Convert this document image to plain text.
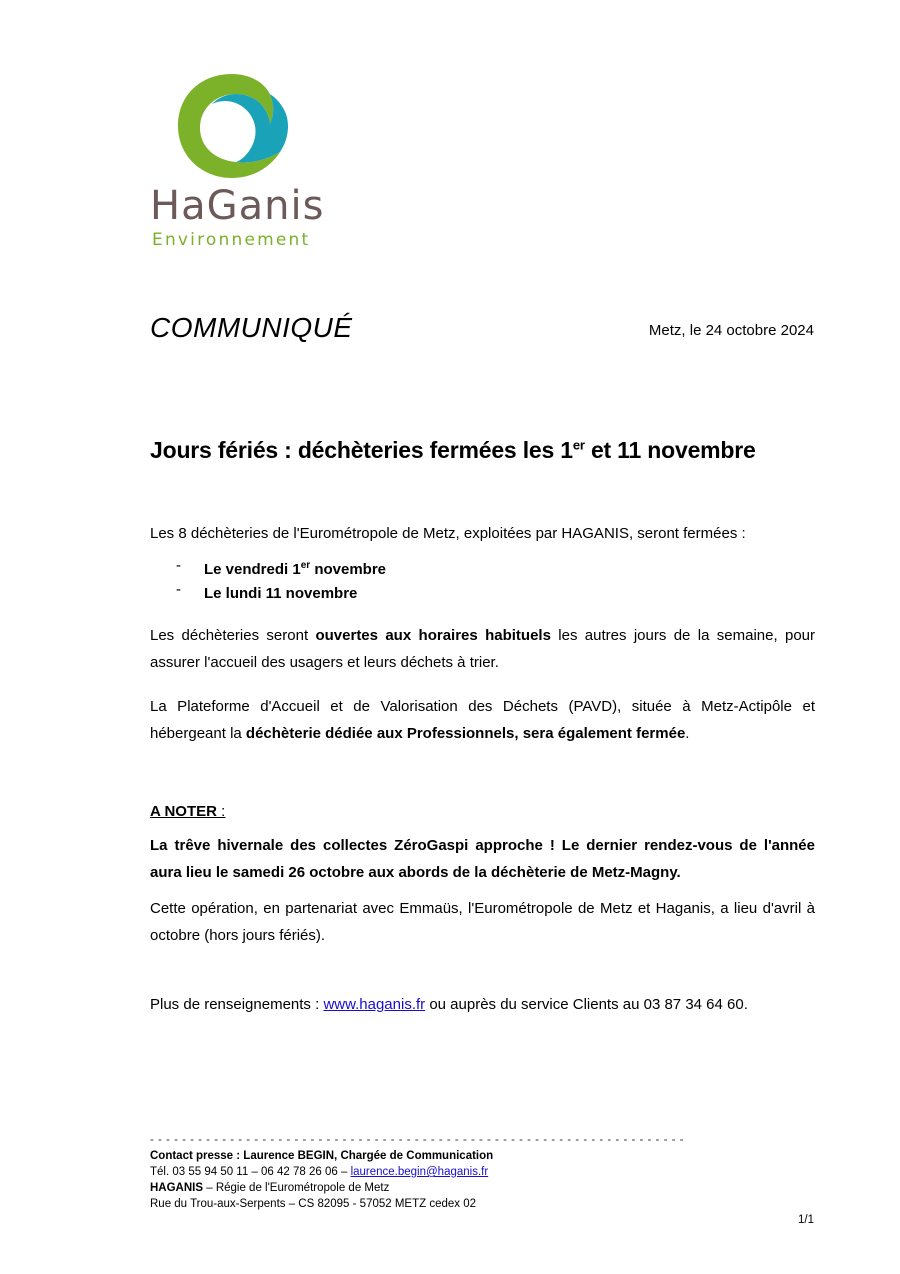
HaGanis
Environnement
COMMUNIQUÉ	Metz, le 24 octobre 2024
Jours fériés : déchèteries fermées les 1er et 11 novembre
Les 8 déchèteries de l'Eurométropole de Metz, exploitées par HAGANIS, seront fermées :
- Le vendredi 1er novembre
- Le lundi 11 novembre
Les déchèteries seront ouvertes aux horaires habituels les autres jours de la semaine, pour assurer l'accueil des usagers et leurs déchets à trier.
La Plateforme d'Accueil et de Valorisation des Déchets (PAVD), située à Metz-Actipôle et hébergeant la déchèterie dédiée aux Professionnels, sera également fermée.
A NOTER :
La trêve hivernale des collectes ZéroGaspi approche ! Le dernier rendez-vous de l'année aura lieu le samedi 26 octobre aux abords de la déchèterie de Metz-Magny.
Cette opération, en partenariat avec Emmaüs, l'Eurométropole de Metz et Haganis, a lieu d'avril à octobre (hors jours fériés).
Plus de renseignements : www.haganis.fr ou auprès du service Clients au 03 87 34 64 60.
- - - - - - - - - - - - - - - - - - - - - - - - - - - - - - - - - - - - - - - - - - - - - - - - - - - - - - - - - - - - - - - - - - -
Contact presse : Laurence BEGIN, Chargée de Communication
Tél. 03 55 94 50 11 – 06 42 78 26 06 – laurence.begin@haganis.fr
HAGANIS – Régie de l'Eurométropole de Metz
Rue du Trou-aux-Serpents – CS 82095 - 57052 METZ cedex 02
1/1
